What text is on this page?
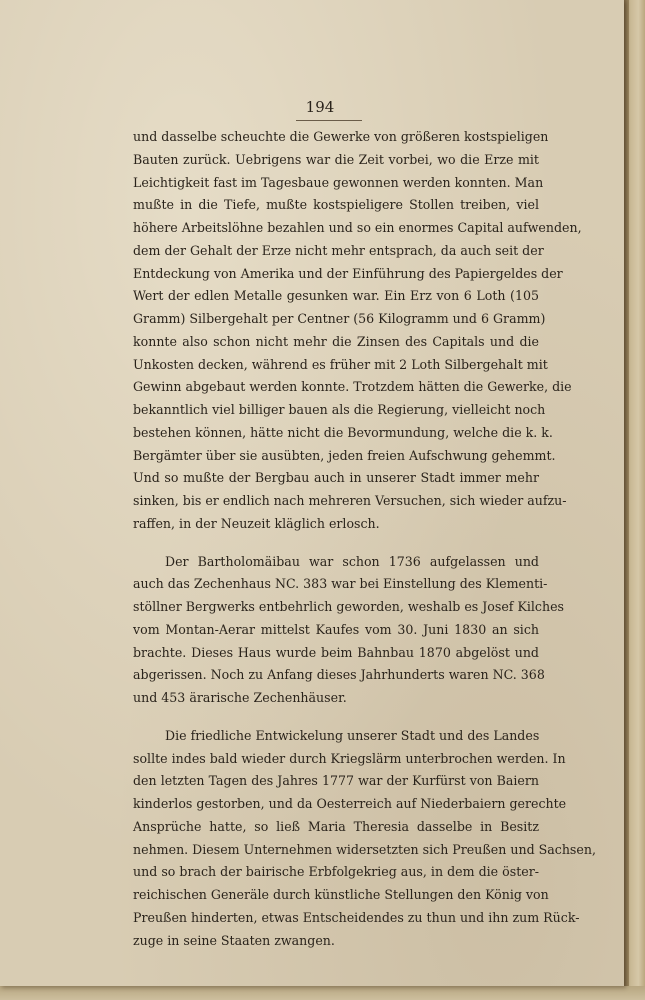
194

und dasselbe scheuchte die Gewerke von größeren kostspieligen
Bauten zurück. Uebrigens war die Zeit vorbei, wo die Erze mit
Leichtigkeit fast im Tagesbaue gewonnen werden konnten. Man
mußte in die Tiefe, mußte kostspieligere Stollen treiben, viel
höhere Arbeitslöhne bezahlen und so ein enormes Capital aufwenden,
dem der Gehalt der Erze nicht mehr entsprach, da auch seit der
Entdeckung von Amerika und der Einführung des Papiergeldes der
Wert der edlen Metalle gesunken war. Ein Erz von 6 Loth (105
Gramm) Silbergehalt per Centner (56 Kilogramm und 6 Gramm)
konnte also schon nicht mehr die Zinsen des Capitals und die
Unkosten decken, während es früher mit 2 Loth Silbergehalt mit
Gewinn abgebaut werden konnte. Trotzdem hätten die Gewerke, die
bekanntlich viel billiger bauen als die Regierung, vielleicht noch
bestehen können, hätte nicht die Bevormundung, welche die k. k.
Bergämter über sie ausübten, jeden freien Aufschwung gehemmt.
Und so mußte der Bergbau auch in unserer Stadt immer mehr
sinken, bis er endlich nach mehreren Versuchen, sich wieder aufzu-
raffen, in der Neuzeit kläglich erlosch.

Der Bartholomäibau war schon 1736 aufgelassen und
auch das Zechenhaus NC. 383 war bei Einstellung des Klementi-
stöllner Bergwerks entbehrlich geworden, weshalb es Josef Kilches
vom Montan-Aerar mittelst Kaufes vom 30. Juni 1830 an sich
brachte. Dieses Haus wurde beim Bahnbau 1870 abgelöst und
abgerissen. Noch zu Anfang dieses Jahrhunderts waren NC. 368
und 453 ärarische Zechenhäuser.

Die friedliche Entwickelung unserer Stadt und des Landes
sollte indes bald wieder durch Kriegslärm unterbrochen werden. In
den letzten Tagen des Jahres 1777 war der Kurfürst von Baiern
kinderlos gestorben, und da Oesterreich auf Niederbaiern gerechte
Ansprüche hatte, so ließ Maria Theresia dasselbe in Besitz
nehmen. Diesem Unternehmen widersetzten sich Preußen und Sachsen,
und so brach der bairische Erbfolgekrieg aus, in dem die öster-
reichischen Generäle durch künstliche Stellungen den König von
Preußen hinderten, etwas Entscheidendes zu thun und ihn zum Rück-
zuge in seine Staaten zwangen.
